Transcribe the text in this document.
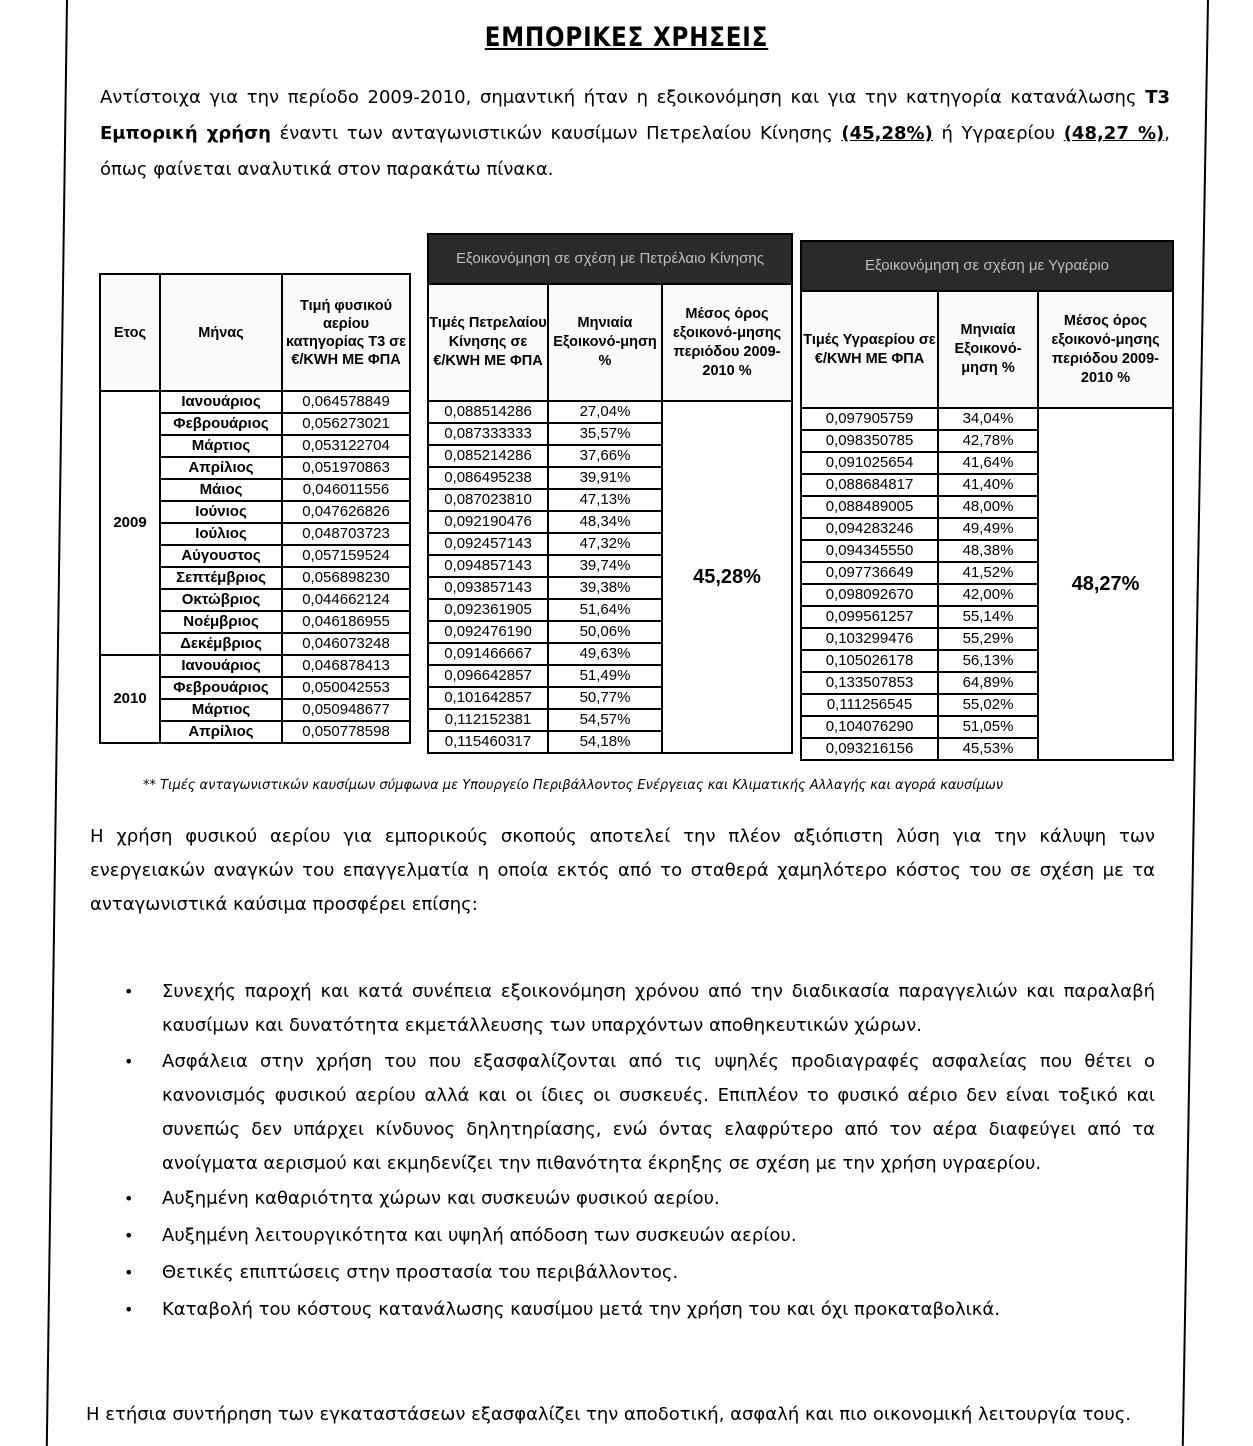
ΕΜΠΟΡΙΚΕΣ ΧΡΗΣΕΙΣ
Αντίστοιχα για την περίοδο 2009-2010, σημαντική ήταν η εξοικονόμηση και για την κατηγορία κατανάλωσης Τ3 Εμπορική χρήση έναντι των ανταγωνιστικών καυσίμων Πετρελαίου Κίνησης (45,28%) ή Υγραερίου (48,27 %), όπως φαίνεται αναλυτικά στον παρακάτω πίνακα.
Ετος	Μήνας	Τιμή φυσικού αερίου κατηγορίας Τ3 σε €/KWH ΜΕ ΦΠΑ
2009	Ιανουάριος	0,064578849
	Φεβρουάριος	0,056273021
	Μάρτιος	0,053122704
	Απρίλιος	0,051970863
	Μάιος	0,046011556
	Ιούνιος	0,047626826
	Ιούλιος	0,048703723
	Αύγουστος	0,057159524
	Σεπτέμβριος	0,056898230
	Οκτώβριος	0,044662124
	Νοέμβριος	0,046186955
	Δεκέμβριος	0,046073248
2010	Ιανουάριος	0,046878413
	Φεβρουάριος	0,050042553
	Μάρτιος	0,050948677
	Απρίλιος	0,050778598
Εξοικονόμηση σε σχέση με Πετρέλαιο Κίνησης		
Τιμές Πετρελαίου Κίνησης σε €/KWH ΜΕ ΦΠΑ	Μηνιαία Εξοικονό-μηση %	Μέσος όρος εξοικονό-μησης περιόδου 2009-2010 %
0,088514286	27,04%	45,28%
0,087333333	35,57%	
0,085214286	37,66%	
0,086495238	39,91%	
0,087023810	47,13%	
0,092190476	48,34%	
0,092457143	47,32%	
0,094857143	39,74%	
0,093857143	39,38%	
0,092361905	51,64%	
0,092476190	50,06%	
0,091466667	49,63%	
0,096642857	51,49%	
0,101642857	50,77%	
0,112152381	54,57%	
0,115460317	54,18%	
Εξοικονόμηση σε σχέση με Υγραέριο		
Τιμές Υγραερίου σε €/KWH ΜΕ ΦΠΑ	Μηνιαία Εξοικονό-μηση %	Μέσος όρος εξοικονό-μησης περιόδου 2009-2010 %
0,097905759	34,04%	48,27%
0,098350785	42,78%	
0,091025654	41,64%	
0,088684817	41,40%	
0,088489005	48,00%	
0,094283246	49,49%	
0,094345550	48,38%	
0,097736649	41,52%	
0,098092670	42,00%	
0,099561257	55,14%	
0,103299476	55,29%	
0,105026178	56,13%	
0,133507853	64,89%	
0,111256545	55,02%	
0,104076290	51,05%	
0,093216156	45,53%	
** Τιμές ανταγωνιστικών καυσίμων σύμφωνα με Υπουργείο Περιβάλλοντος Ενέργειας και Κλιματικής Αλλαγής και αγορά καυσίμων
Η χρήση φυσικού αερίου για εμπορικούς σκοπούς αποτελεί την πλέον αξιόπιστη λύση για την κάλυψη των ενεργειακών αναγκών του επαγγελματία η οποία εκτός από το σταθερά χαμηλότερο κόστος του σε σχέση με τα ανταγωνιστικά καύσιμα προσφέρει επίσης:
• Συνεχής παροχή και κατά συνέπεια εξοικονόμηση χρόνου από την διαδικασία παραγγελιών και παραλαβή καυσίμων και δυνατότητα εκμετάλλευσης των υπαρχόντων αποθηκευτικών χώρων.
• Ασφάλεια στην χρήση του που εξασφαλίζονται από τις υψηλές προδιαγραφές ασφαλείας που θέτει ο κανονισμός φυσικού αερίου αλλά και οι ίδιες οι συσκευές. Επιπλέον το φυσικό αέριο δεν είναι τοξικό και συνεπώς δεν υπάρχει κίνδυνος δηλητηρίασης, ενώ όντας ελαφρύτερο από τον αέρα διαφεύγει από τα ανοίγματα αερισμού και εκμηδενίζει την πιθανότητα έκρηξης σε σχέση με την χρήση υγραερίου.
• Αυξημένη καθαριότητα χώρων και συσκευών φυσικού αερίου.
• Αυξημένη λειτουργικότητα και υψηλή απόδοση των συσκευών αερίου.
• Θετικές επιπτώσεις στην προστασία του περιβάλλοντος.
• Καταβολή του κόστους κατανάλωσης καυσίμου μετά την χρήση του και όχι προκαταβολικά.
Η ετήσια συντήρηση των εγκαταστάσεων εξασφαλίζει την αποδοτική, ασφαλή και πιο οικονομική λειτουργία τους.
